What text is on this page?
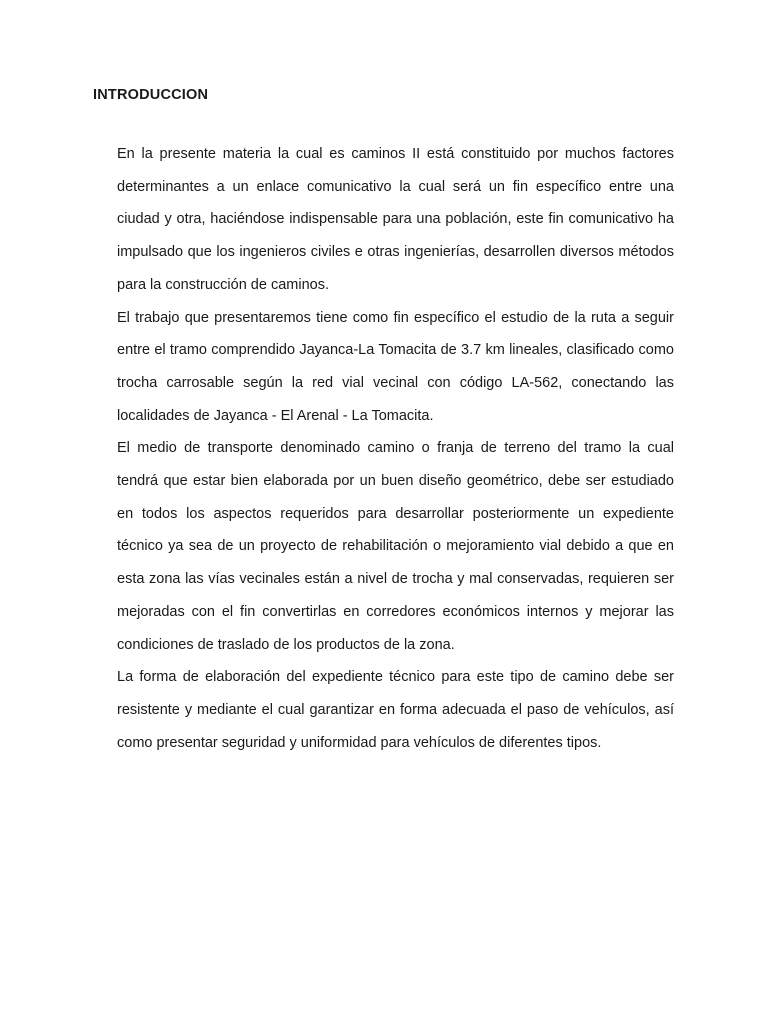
INTRODUCCION

En la presente materia la cual es caminos II está constituido por muchos factores determinantes a un enlace comunicativo la cual será un fin específico entre una ciudad y otra, haciéndose indispensable para una población, este fin comunicativo ha impulsado que los ingenieros civiles e otras ingenierías, desarrollen diversos métodos para la construcción de caminos.

El trabajo que presentaremos tiene como fin específico el estudio de la ruta a seguir entre el tramo comprendido Jayanca-La Tomacita de 3.7 km lineales, clasificado como trocha carrosable según la red vial vecinal con código LA-562, conectando las localidades de Jayanca - El Arenal - La Tomacita.

El medio de transporte denominado camino o franja de terreno del tramo la cual tendrá que estar bien elaborada por un buen diseño geométrico, debe ser estudiado en todos los aspectos requeridos para desarrollar posteriormente un expediente técnico ya sea de un proyecto de rehabilitación o mejoramiento vial debido a que en esta zona las vías vecinales están a nivel de trocha y mal conservadas, requieren ser mejoradas con el fin convertirlas en corredores económicos internos y mejorar las condiciones de traslado de los productos de la zona.

La forma de elaboración del expediente técnico para este tipo de camino debe ser resistente y mediante el cual garantizar en forma adecuada el paso de vehículos, así como presentar seguridad y uniformidad para vehículos de diferentes tipos.
